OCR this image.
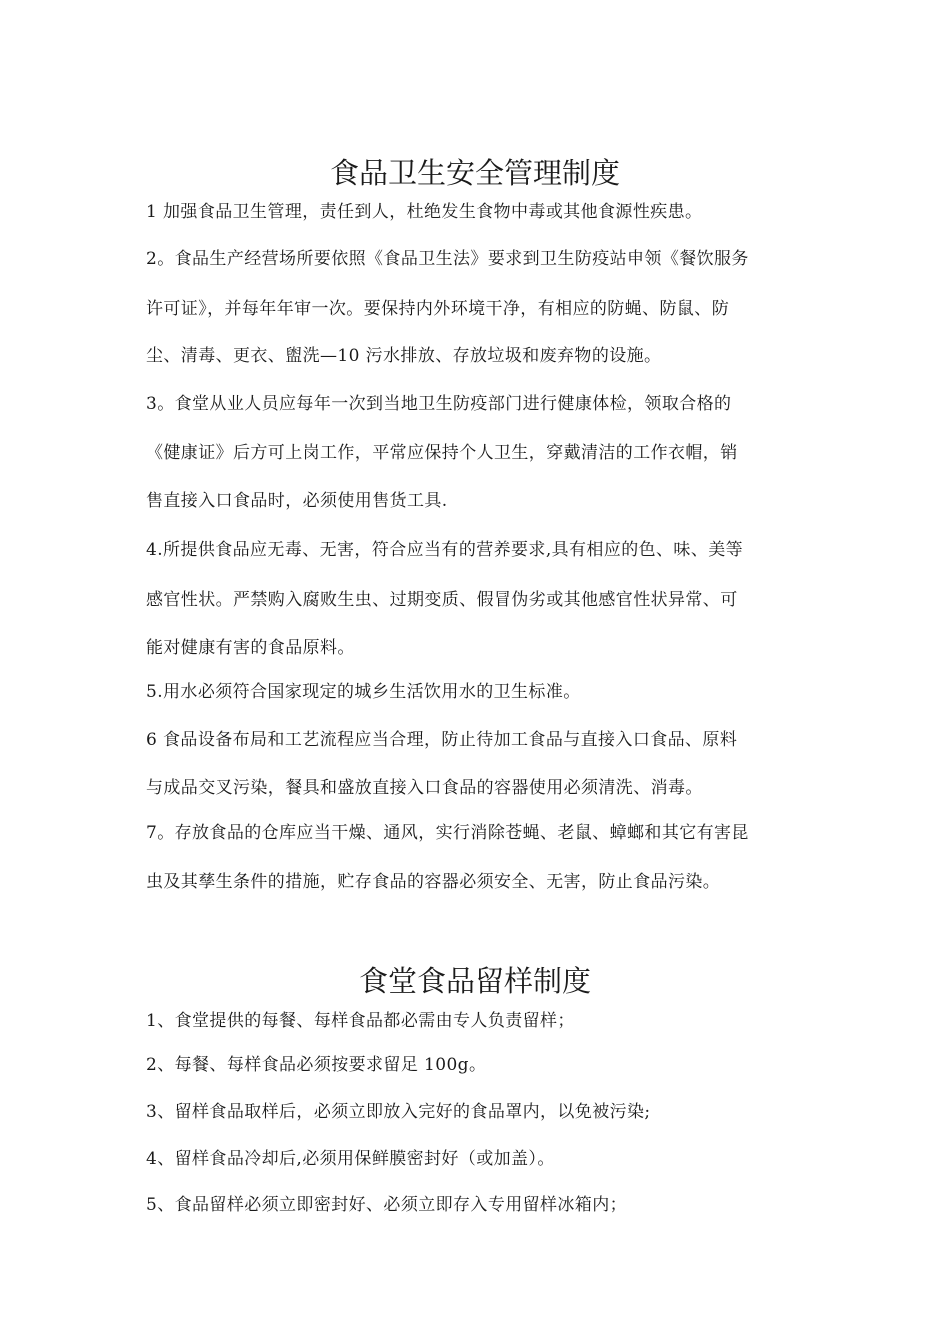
食品卫生安全管理制度

1 加强食品卫生管理，责任到人，杜绝发生食物中毒或其他食源性疾患。

2。食品生产经营场所要依照《食品卫生法》要求到卫生防疫站申领《餐饮服务

许可证》，并每年年审一次。要保持内外环境干净，有相应的防蝇、防鼠、防

尘、清毒、更衣、盥洗—10 污水排放、存放垃圾和废弃物的设施。

3。食堂从业人员应每年一次到当地卫生防疫部门进行健康体检，领取合格的

《健康证》后方可上岗工作，平常应保持个人卫生，穿戴清洁的工作衣帽，销

售直接入口食品时，必须使用售货工具.

4.所提供食品应无毒、无害，符合应当有的营养要求,具有相应的色、味、美等

感官性状。严禁购入腐败生虫、过期变质、假冒伪劣或其他感官性状异常、可

能对健康有害的食品原料。

5.用水必须符合国家现定的城乡生活饮用水的卫生标准。

6 食品设备布局和工艺流程应当合理，防止待加工食品与直接入口食品、原料

与成品交叉污染，餐具和盛放直接入口食品的容器使用必须清洗、消毒。

7。存放食品的仓库应当干燥、通风，实行消除苍蝇、老鼠、蟑螂和其它有害昆

虫及其孳生条件的措施，贮存食品的容器必须安全、无害，防止食品污染。

食堂食品留样制度

1、食堂提供的每餐、每样食品都必需由专人负责留样；

2、每餐、每样食品必须按要求留足 100g。

3、留样食品取样后，必须立即放入完好的食品罩内，以免被污染;

4、留样食品冷却后,必须用保鲜膜密封好（或加盖）。

5、食品留样必须立即密封好、必须立即存入专用留样冰箱内；
